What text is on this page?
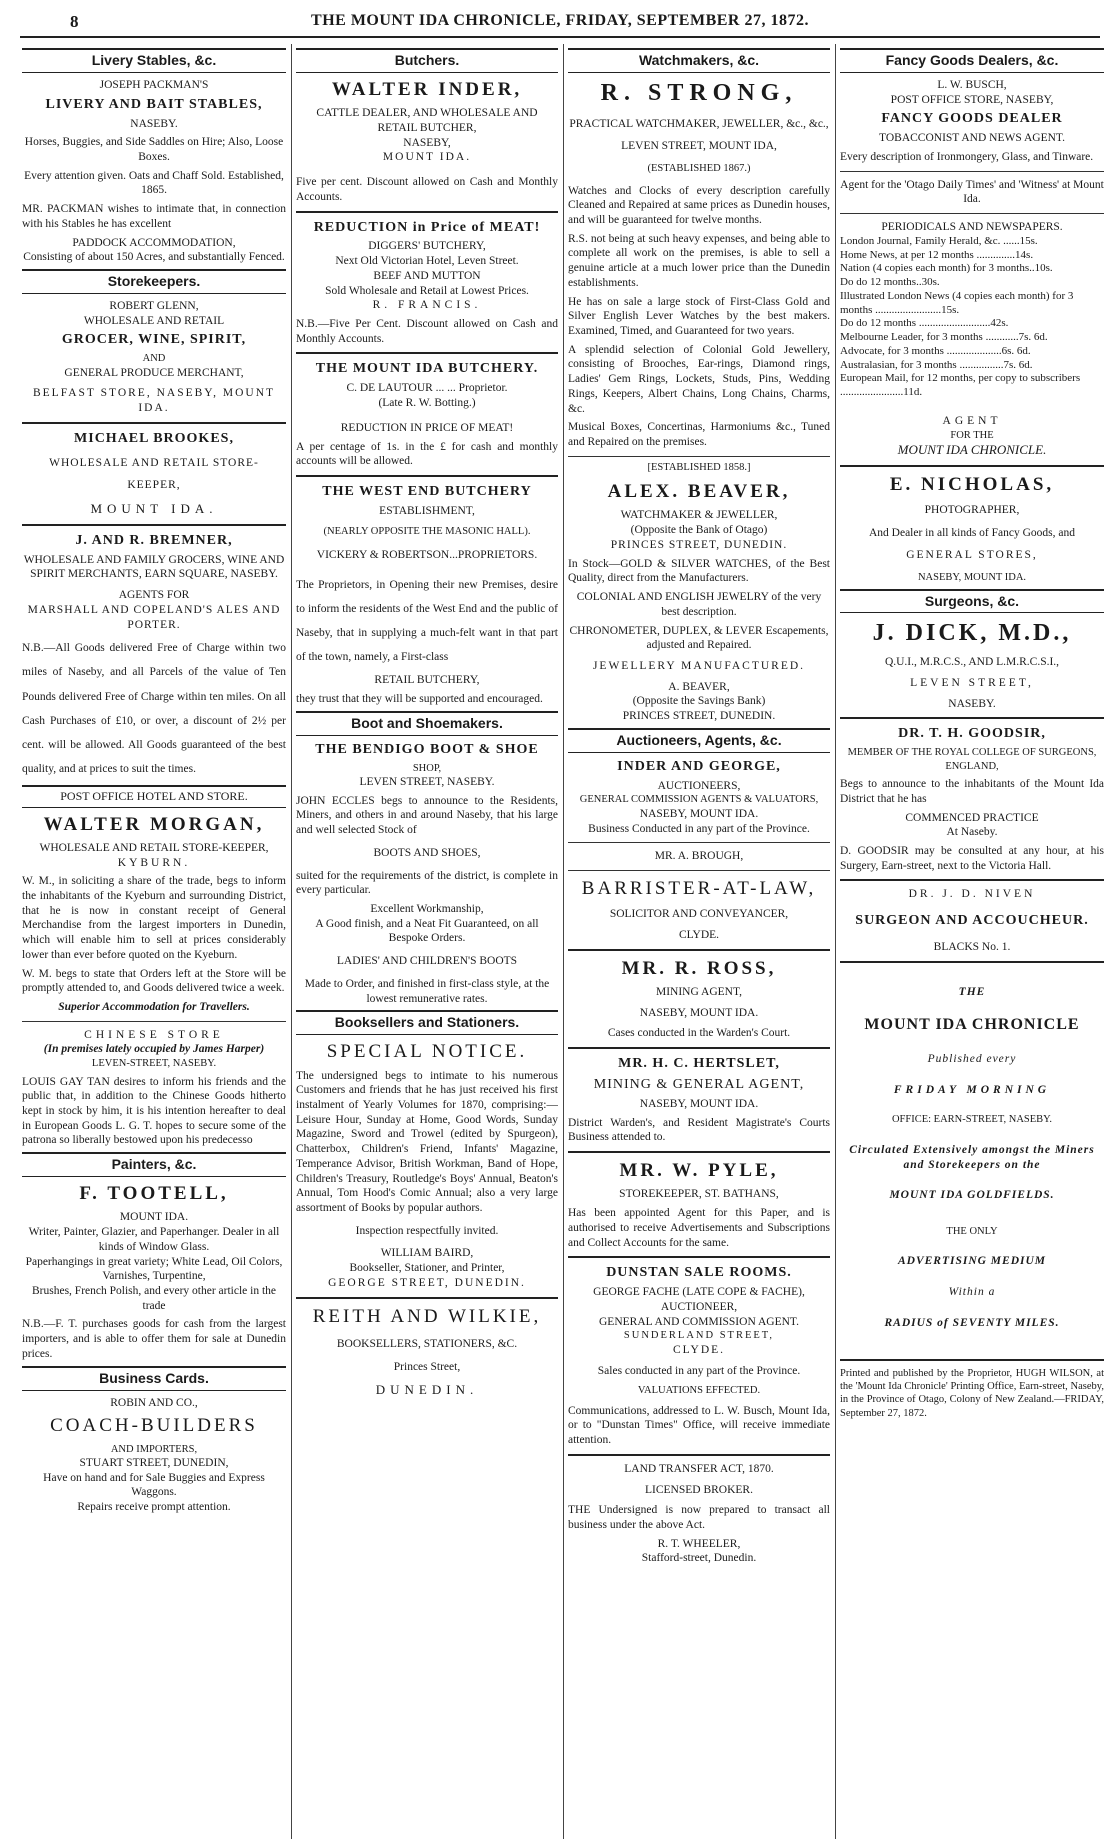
8	THE MOUNT IDA CHRONICLE, FRIDAY, SEPTEMBER 27, 1872.
Livery Stables, &c.
JOSEPH PACKMAN'S
LIVERY AND BAIT STABLES,
NASEBY.

Horses, Buggies, and Side Saddles on Hire; Also, Loose Boxes.

Every attention given. Oats and Chaff Sold. Established, 1865.

MR. PACKMAN wishes to intimate that, in connection with his Stables he has excellent

PADDOCK ACCOMMODATION,
Consisting of about 150 Acres, and substantially Fenced.
Storekeepers.
ROBERT GLENN,
WHOLESALE AND RETAIL
GROCER, WINE, SPIRIT,
AND
GENERAL PRODUCE MERCHANT,
BELFAST STORE, NASEBY, MOUNT IDA.
MICHAEL BROOKES,
WHOLESALE AND RETAIL STORE-
KEEPER,
MOUNT IDA.
J. AND R. BREMNER,
WHOLESALE AND FAMILY GROCERS, WINE AND SPIRIT MERCHANTS, EARN SQUARE, NASEBY.
AGENTS FOR
MARSHALL AND COPELAND'S ALES AND PORTER.

N.B.—All Goods delivered Free of Charge within two miles of Naseby, and all Parcels of the value of Ten Pounds delivered Free of Charge within ten miles. On all Cash Purchases of £10, or over, a discount of 2½ per cent. will be allowed. All Goods guaranteed of the best quality, and at prices to suit the times.

POST OFFICE HOTEL AND STORE.
WALTER MORGAN,
WHOLESALE AND RETAIL STORE-KEEPER,
KYBURN.

W. M., in soliciting a share of the trade, begs to inform the inhabitants of the Kyeburn and surrounding District, that he is now in constant receipt of General Merchandise from the largest importers in Dunedin, which will enable him to sell at prices considerably lower than ever before quoted on the Kyeburn.

W. M. begs to state that Orders left at the Store will be promptly attended to, and Goods delivered twice a week.

Superior Accommodation for Travellers.

CHINESE STORE
(In premises lately occupied by James Harper)
LEVEN-STREET, NASEBY.

LOUIS GAY TAN desires to inform his friends and the public that, in addition to the Chinese Goods hitherto kept in stock by him, it is his intention hereafter to deal in European Goods L. G. T. hopes to secure some of the patrona so liberally bestowed upon his predecesso

Painters, &c.
F. TOOTELL,
MOUNT IDA.
Writer, Painter, Glazier, and Paperhanger. Dealer in all kinds of Window Glass.
Paperhangings in great variety; White Lead, Oil Colors, Varnishes, Turpentine,
Brushes, French Polish, and every other article in the trade

N.B.—F. T. purchases goods for cash from the largest importers, and is able to offer them for sale at Dunedin prices.

Business Cards.
ROBIN AND CO.,
COACH-BUILDERS
AND IMPORTERS,
STUART STREET, DUNEDIN,
Have on hand and for Sale Buggies and Express Waggons.
Repairs receive prompt attention.
Butchers.
WALTER INDER,
CATTLE DEALER, AND WHOLESALE AND RETAIL BUTCHER,
NASEBY,
MOUNT IDA.

Five per cent. Discount allowed on Cash and Monthly Accounts.

REDUCTION in Price of MEAT!
DIGGERS' BUTCHERY,
Next Old Victorian Hotel, Leven Street.
BEEF AND MUTTON
Sold Wholesale and Retail at Lowest Prices.
R. FRANCIS.

N.B.—Five Per Cent. Discount allowed on Cash and Monthly Accounts.

THE MOUNT IDA BUTCHERY.
C. DE LAUTOUR ... ... Proprietor.
(Late R. W. Botting.)
REDUCTION IN PRICE OF MEAT!

A per centage of 1s. in the £ for cash and monthly accounts will be allowed.

THE WEST END BUTCHERY
ESTABLISHMENT,
(NEARLY OPPOSITE THE MASONIC HALL).
VICKERY & ROBERTSON...PROPRIETORS.

The Proprietors, in Opening their new Premises, desire to inform the residents of the West End and the public of Naseby, that in supplying a much-felt want in that part of the town, namely, a First-class

RETAIL BUTCHERY,

they trust that they will be supported and encouraged.

Boot and Shoemakers.
THE BENDIGO BOOT & SHOE
SHOP,
LEVEN STREET, NASEBY.

JOHN ECCLES begs to announce to the Residents, Miners, and others in and around Naseby, that his large and well selected Stock of

BOOTS AND SHOES,

suited for the requirements of the district, is complete in every particular.

Excellent Workmanship,
A Good finish, and a Neat Fit Guaranteed, on all Bespoke Orders.
LADIES' AND CHILDREN'S BOOTS
Made to Order, and finished in first-class style, at the lowest remunerative rates.
Booksellers and Stationers.
SPECIAL NOTICE.

The undersigned begs to intimate to his numerous Customers and friends that he has just received his first instalment of Yearly Volumes for 1870, comprising:—Leisure Hour, Sunday at Home, Good Words, Sunday Magazine, Sword and Trowel (edited by Spurgeon), Chatterbox, Children's Friend, Infants' Magazine, Temperance Advisor, British Workman, Band of Hope, Children's Treasury, Routledge's Boys' Annual, Beaton's Annual, Tom Hood's Comic Annual; also a very large assortment of Books by popular authors.

Inspection respectfully invited.
WILLIAM BAIRD,
Bookseller, Stationer, and Printer,
GEORGE STREET, DUNEDIN.
REITH AND WILKIE,
BOOKSELLERS, STATIONERS, &C.
Princes Street,
DUNEDIN.
Watchmakers, &c.
R. STRONG,
PRACTICAL WATCHMAKER, JEWELLER, &c., &c.,
LEVEN STREET, MOUNT IDA,
(ESTABLISHED 1867.)

Watches and Clocks of every description carefully Cleaned and Repaired at same prices as Dunedin houses, and will be guaranteed for twelve months.

R.S. not being at such heavy expenses, and being able to complete all work on the premises, is able to sell a genuine article at a much lower price than the Dunedin establishments.

He has on sale a large stock of First-Class Gold and Silver English Lever Watches by the best makers. Examined, Timed, and Guaranteed for two years.

A splendid selection of Colonial Gold Jewellery, consisting of Brooches, Ear-rings, Diamond rings, Ladies' Gem Rings, Lockets, Studs, Pins, Wedding Rings, Keepers, Albert Chains, Long Chains, Charms, &c.

Musical Boxes, Concertinas, Harmoniums &c., Tuned and Repaired on the premises.

[ESTABLISHED 1858.]
ALEX. BEAVER,
WATCHMAKER & JEWELLER,
(Opposite the Bank of Otago)
PRINCES STREET, DUNEDIN.

In Stock—GOLD & SILVER WATCHES, of the Best Quality, direct from the Manufacturers.

COLONIAL AND ENGLISH JEWELRY of the very best description.
CHRONOMETER, DUPLEX, & LEVER Escapements, adjusted and Repaired.
JEWELLERY MANUFACTURED.
A. BEAVER,
(Opposite the Savings Bank)
PRINCES STREET, DUNEDIN.
Auctioneers, Agents, &c.
INDER AND GEORGE,
AUCTIONEERS,
GENERAL COMMISSION AGENTS & VALUATORS,
NASEBY, MOUNT IDA.
Business Conducted in any part of the Province.
MR. A. BROUGH,
BARRISTER-AT-LAW,
SOLICITOR AND CONVEYANCER,
CLYDE.
MR. R. ROSS,
MINING AGENT,
NASEBY, MOUNT IDA.
Cases conducted in the Warden's Court.
MR. H. C. HERTSLET,
MINING & GENERAL AGENT,
NASEBY, MOUNT IDA.

District Warden's, and Resident Magistrate's Courts Business attended to.

MR. W. PYLE,
STOREKEEPER, ST. BATHANS,

Has been appointed Agent for this Paper, and is authorised to receive Advertisements and Subscriptions and Collect Accounts for the same.

DUNSTAN SALE ROOMS.
GEORGE FACHE (LATE COPE & FACHE),
AUCTIONEER,
GENERAL AND COMMISSION AGENT.
SUNDERLAND STREET,
CLYDE.
Sales conducted in any part of the Province.
VALUATIONS EFFECTED.

Communications, addressed to L. W. Busch, Mount Ida, or to "Dunstan Times" Office, will receive immediate attention.

LAND TRANSFER ACT, 1870.
LICENSED BROKER.

THE Undersigned is now prepared to transact all business under the above Act.

R. T. WHEELER,
Stafford-street, Dunedin.
Fancy Goods Dealers, &c.
L. W. BUSCH,
POST OFFICE STORE, NASEBY,
FANCY GOODS DEALER
TOBACCONIST AND NEWS AGENT.

Every description of Ironmongery, Glass, and Tinware.

Agent for the 'Otago Daily Times' and 'Witness' at Mount Ida.

PERIODICALS AND NEWSPAPERS.
London Journal, Family Herald, &c. ......15s.
Home News, at per 12 months ..............14s.
Nation (4 copies each month) for 3 months..10s.
Do do 12 months..30s.
Illustrated London News (4 copies each month) for 3 months ........................15s.
Do do 12 months ..........................42s.
Melbourne Leader, for 3 months ............7s. 6d.
Advocate, for 3 months ....................6s. 6d.
Australasian, for 3 months ................7s. 6d.
European Mail, for 12 months, per copy to subscribers .......................11d.
AGENT
FOR THE
MOUNT IDA CHRONICLE.
E. NICHOLAS,
PHOTOGRAPHER,
And Dealer in all kinds of Fancy Goods, and
GENERAL STORES,
NASEBY, MOUNT IDA.
Surgeons, &c.
J. DICK, M.D.,
Q.U.I., M.R.C.S., AND L.M.R.C.S.I.,
LEVEN STREET,
NASEBY.
DR. T. H. GOODSIR,
MEMBER OF THE ROYAL COLLEGE OF SURGEONS, ENGLAND,

Begs to announce to the inhabitants of the Mount Ida District that he has

COMMENCED PRACTICE
At Naseby.

D. GOODSIR may be consulted at any hour, at his Surgery, Earn-street, next to the Victoria Hall.

DR. J. D. NIVEN
SURGEON AND ACCOUCHEUR.
BLACKS No. 1.
THE
MOUNT IDA CHRONICLE
Published every
FRIDAY MORNING
OFFICE: EARN-STREET, NASEBY.
Circulated Extensively amongst the Miners and Storekeepers on the
MOUNT IDA GOLDFIELDS.
THE ONLY
ADVERTISING MEDIUM
Within a
RADIUS of SEVENTY MILES.

Printed and published by the Proprietor, HUGH WILSON, at the 'Mount Ida Chronicle' Printing Office, Earn-street, Naseby, in the Province of Otago, Colony of New Zealand.—FRIDAY, September 27, 1872.
